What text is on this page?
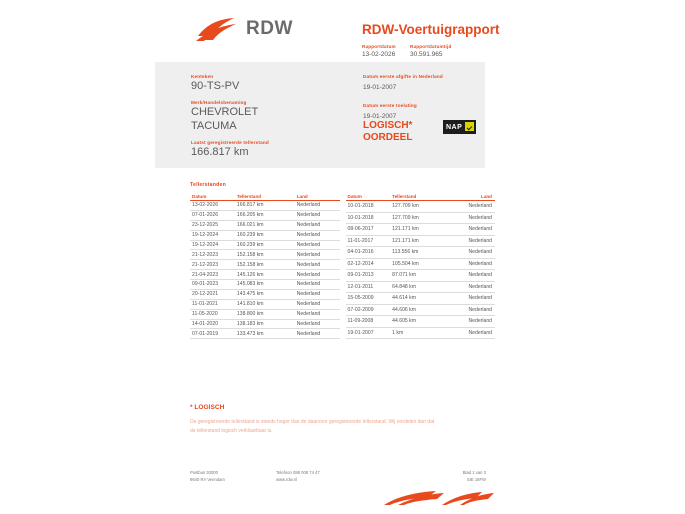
RDW	RDW-Voertuigrapport
Rapportdatum	Rapportdatumtijd
13-02-2026	30.591.965
Kenteken
90-TS-PV
Merk/Handelsbenaming
CHEVROLET
TACUMA
Laatst geregistreerde tellerstand
166.817 km
Datum eerste afgifte in Nederland
19-01-2007
Datum eerste toelating
19-01-2007
LOGISCH*
OORDEEL
NAP
Tellerstanden
Datum	Tellerstand	Land
13-02-2026	166.817 km	Nederland
07-01-2026	166.205 km	Nederland
23-12-2025	166.021 km	Nederland
19-12-2024	160.239 km	Nederland
19-12-2024	160.239 km	Nederland
21-12-2023	152.158 km	Nederland
21-12-2023	152.158 km	Nederland
21-04-2023	145.126 km	Nederland
09-01-2023	145.083 km	Nederland
20-12-2021	143.475 km	Nederland
11-01-2021	141.810 km	Nederland
11-05-2020	138.800 km	Nederland
14-01-2020	138.183 km	Nederland
07-01-2019	133.473 km	Nederland
Datum	Tellerstand	Land
10-01-2018	127.709 km	Nederland
10-01-2018	127.709 km	Nederland
08-06-2017	121.171 km	Nederland
11-01-2017	121.171 km	Nederland
04-01-2016	113.556 km	Nederland
02-12-2014	105.504 km	Nederland
09-01-2013	87.071 km	Nederland
12-01-2011	64.848 km	Nederland
15-05-2009	44.614 km	Nederland
07-02-2009	44.606 km	Nederland
11-09-2008	44.605 km	Nederland
19-01-2007	1 km	Nederland
* LOGISCH
De geregistreerde tellerstand is steeds hoger dan de daarvoor geregistreerde tellerstand. Wij oordelen dan dat de tellerstand logisch verklaarbaar is.
Postbus 30000	Telefoon 088 008 74 47	Blad 1 van 3
9640 RA Veendam	www.rdw.nl	SIE 16FW
